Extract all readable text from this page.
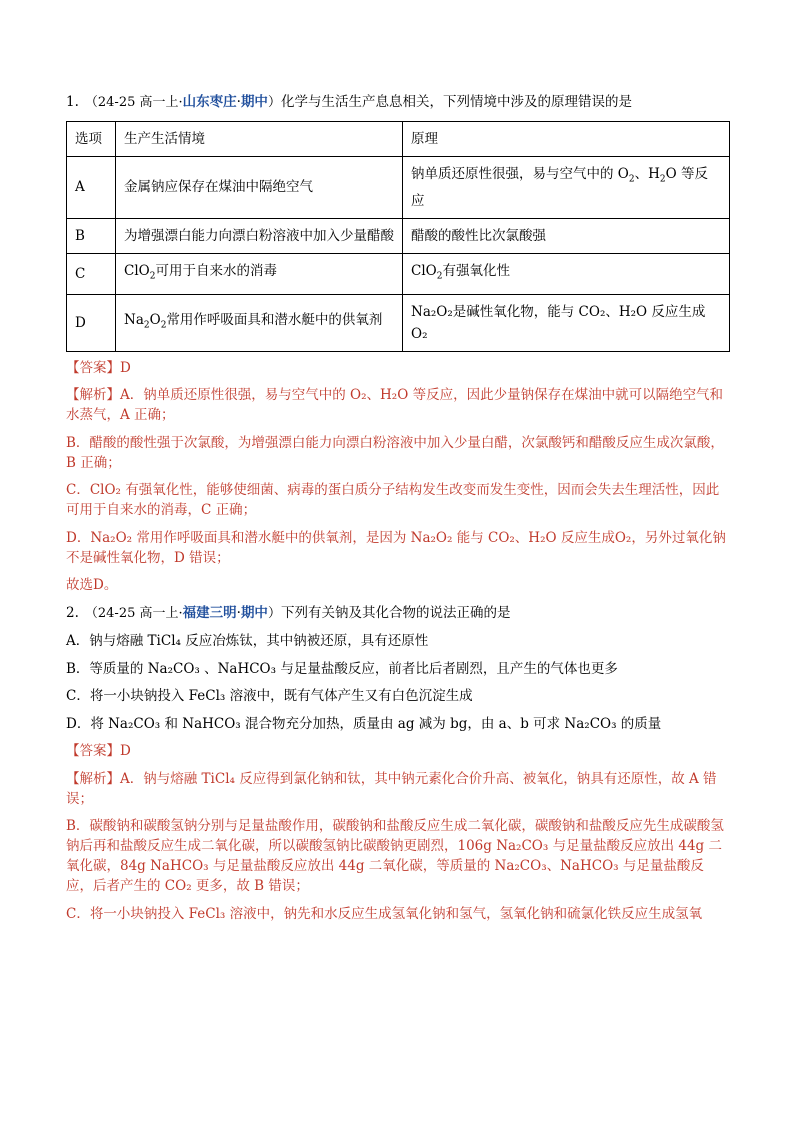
1. （24-25 高一上·山东枣庄·期中）化学与生活生产息息相关，下列情境中涉及的原理错误的是
选项	生产生活情境	原理
A	金属钠应保存在煤油中隔绝空气	钠单质还原性很强，易与空气中的 $O_2$、$H_2O$ 等反应
B	为增强漂白能力向漂白粉溶液中加入少量醋酸	醋酸的酸性比次氯酸强
C	ClO$_2$可用于自来水的消毒	ClO$_2$有强氧化性
D	$Na_2O_2$常用作呼吸面具和潜水艇中的供氧剂	Na₂O₂是碱性氧化物，能与 CO₂、H₂O 反应生成 O₂
【答案】D
【解析】A．钠单质还原性很强，易与空气中的 O₂、H₂O 等反应，因此少量钠保存在煤油中就可以隔绝空气和水蒸气，A 正确；
B．醋酸的酸性强于次氯酸，为增强漂白能力向漂白粉溶液中加入少量白醋，次氯酸钙和醋酸反应生成次氯酸，B 正确；
C．ClO₂ 有强氧化性，能够使细菌、病毒的蛋白质分子结构发生改变而发生变性，因而会失去生理活性，因此可用于自来水的消毒，C 正确；
D．Na₂O₂ 常用作呼吸面具和潜水艇中的供氧剂，是因为 Na₂O₂ 能与 CO₂、H₂O 反应生成O₂，另外过氧化钠不是碱性氧化物，D 错误；
故选D。
2. （24-25 高一上·福建三明·期中）下列有关钠及其化合物的说法正确的是
A．钠与熔融 TiCl₄ 反应冶炼钛，其中钠被还原，具有还原性
B．等质量的 Na₂CO₃ 、NaHCO₃ 与足量盐酸反应，前者比后者剧烈，且产生的气体也更多
C．将一小块钠投入 FeCl₃ 溶液中，既有气体产生又有白色沉淀生成
D．将 Na₂CO₃ 和 NaHCO₃ 混合物充分加热，质量由 ag 减为 bg，由 a、b 可求 Na₂CO₃ 的质量
【答案】D
【解析】A．钠与熔融 TiCl₄ 反应得到氯化钠和钛，其中钠元素化合价升高、被氧化，钠具有还原性，故 A 错误；
B．碳酸钠和碳酸氢钠分别与足量盐酸作用，碳酸钠和盐酸反应生成二氧化碳，碳酸钠和盐酸反应先生成碳酸氢钠后再和盐酸反应生成二氧化碳，所以碳酸氢钠比碳酸钠更剧烈，106g Na₂CO₃ 与足量盐酸反应放出 44g 二氧化碳，84g NaHCO₃ 与足量盐酸反应放出 44g 二氧化碳，等质量的 Na₂CO₃、NaHCO₃ 与足量盐酸反应，后者产生的 CO₂ 更多，故 B 错误；
C．将一小块钠投入 FeCl₃ 溶液中，钠先和水反应生成氢氧化钠和氢气，氢氧化钠和硫氯化铁反应生成氢氧
